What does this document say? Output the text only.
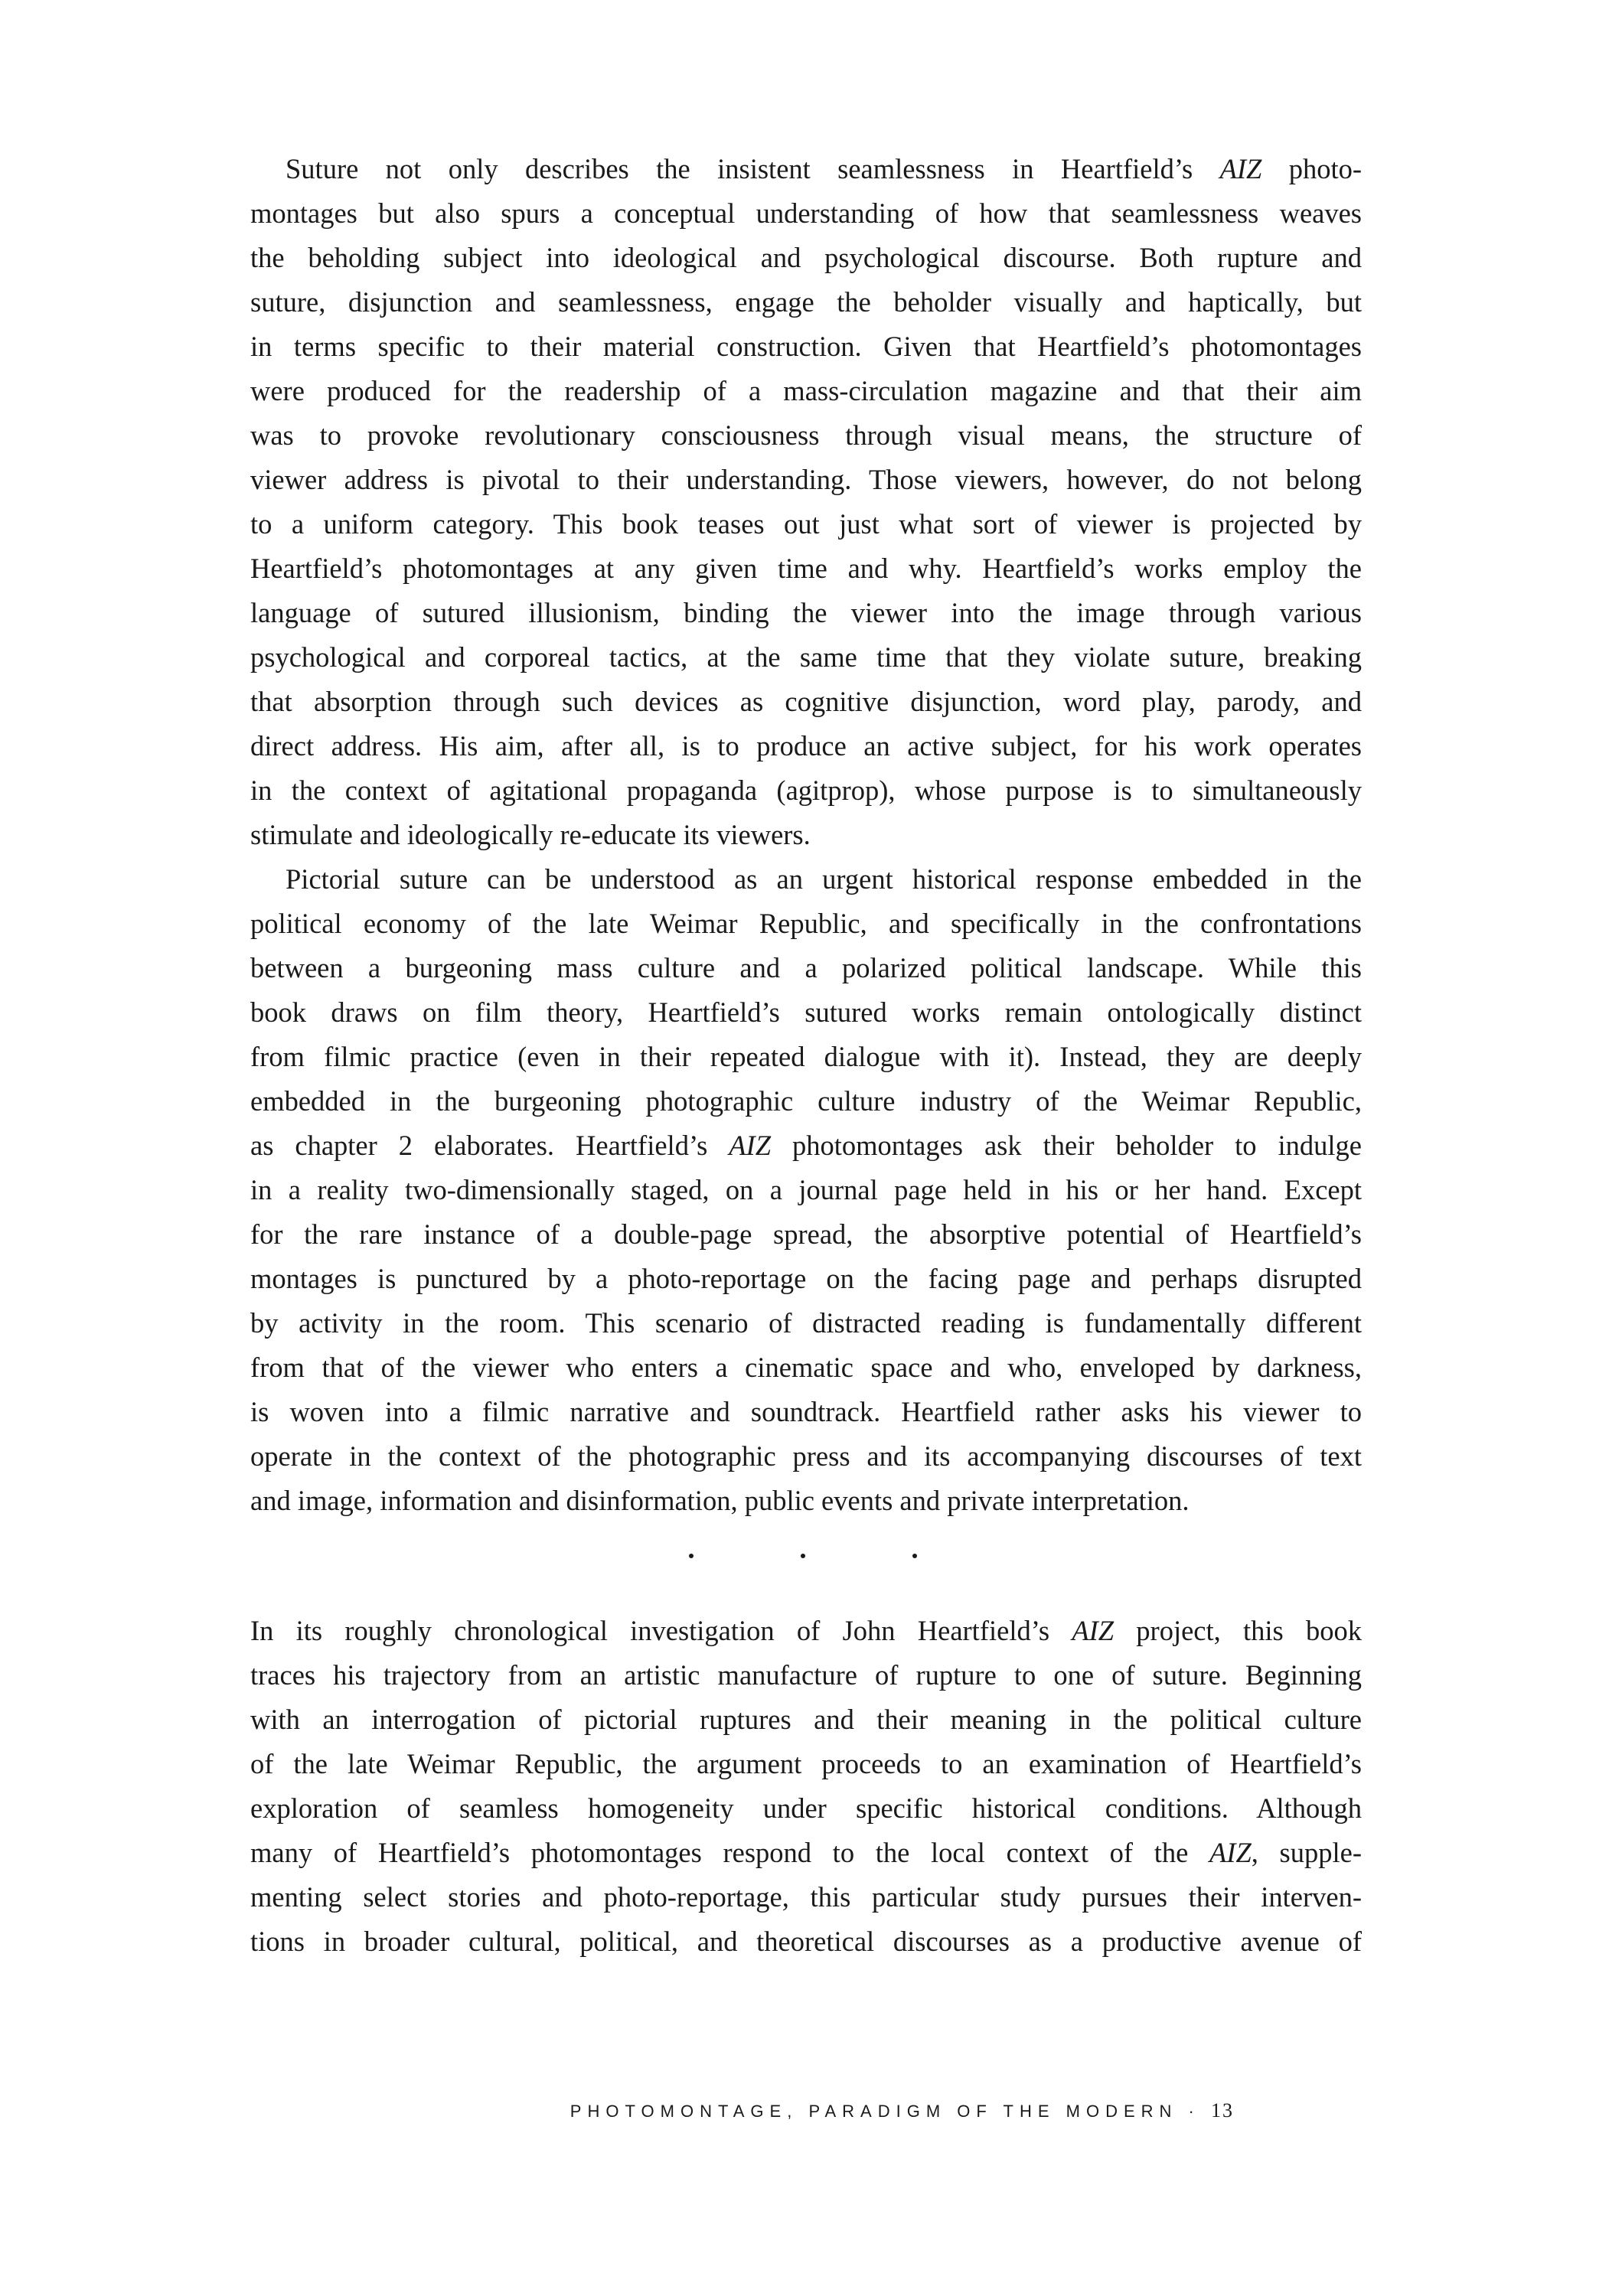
Suture not only describes the insistent seamlessness in Heartfield’s AIZ photo-
montages but also spurs a conceptual understanding of how that seamlessness weaves
the beholding subject into ideological and psychological discourse. Both rupture and
suture, disjunction and seamlessness, engage the beholder visually and haptically, but
in terms specific to their material construction. Given that Heartfield’s photomontages
were produced for the readership of a mass-circulation magazine and that their aim
was to provoke revolutionary consciousness through visual means, the structure of
viewer address is pivotal to their understanding. Those viewers, however, do not belong
to a uniform category. This book teases out just what sort of viewer is projected by
Heartfield’s photomontages at any given time and why. Heartfield’s works employ the
language of sutured illusionism, binding the viewer into the image through various
psychological and corporeal tactics, at the same time that they violate suture, breaking
that absorption through such devices as cognitive disjunction, word play, parody, and
direct address. His aim, after all, is to produce an active subject, for his work operates
in the context of agitational propaganda (agitprop), whose purpose is to simultaneously
stimulate and ideologically re-educate its viewers.
Pictorial suture can be understood as an urgent historical response embedded in the
political economy of the late Weimar Republic, and specifically in the confrontations
between a burgeoning mass culture and a polarized political landscape. While this
book draws on film theory, Heartfield’s sutured works remain ontologically distinct
from filmic practice (even in their repeated dialogue with it). Instead, they are deeply
embedded in the burgeoning photographic culture industry of the Weimar Republic,
as chapter 2 elaborates. Heartfield’s AIZ photomontages ask their beholder to indulge
in a reality two-dimensionally staged, on a journal page held in his or her hand. Except
for the rare instance of a double-page spread, the absorptive potential of Heartfield’s
montages is punctured by a photo-reportage on the facing page and perhaps disrupted
by activity in the room. This scenario of distracted reading is fundamentally different
from that of the viewer who enters a cinematic space and who, enveloped by darkness,
is woven into a filmic narrative and soundtrack. Heartfield rather asks his viewer to
operate in the context of the photographic press and its accompanying discourses of text
and image, information and disinformation, public events and private interpretation.
In its roughly chronological investigation of John Heartfield’s AIZ project, this book
traces his trajectory from an artistic manufacture of rupture to one of suture. Beginning
with an interrogation of pictorial ruptures and their meaning in the political culture
of the late Weimar Republic, the argument proceeds to an examination of Heartfield’s
exploration of seamless homogeneity under specific historical conditions. Although
many of Heartfield’s photomontages respond to the local context of the AIZ, supple-
menting select stories and photo-reportage, this particular study pursues their interven-
tions in broader cultural, political, and theoretical discourses as a productive avenue of
PHOTOMONTAGE, PARADIGM OF THE MODERN · 13
